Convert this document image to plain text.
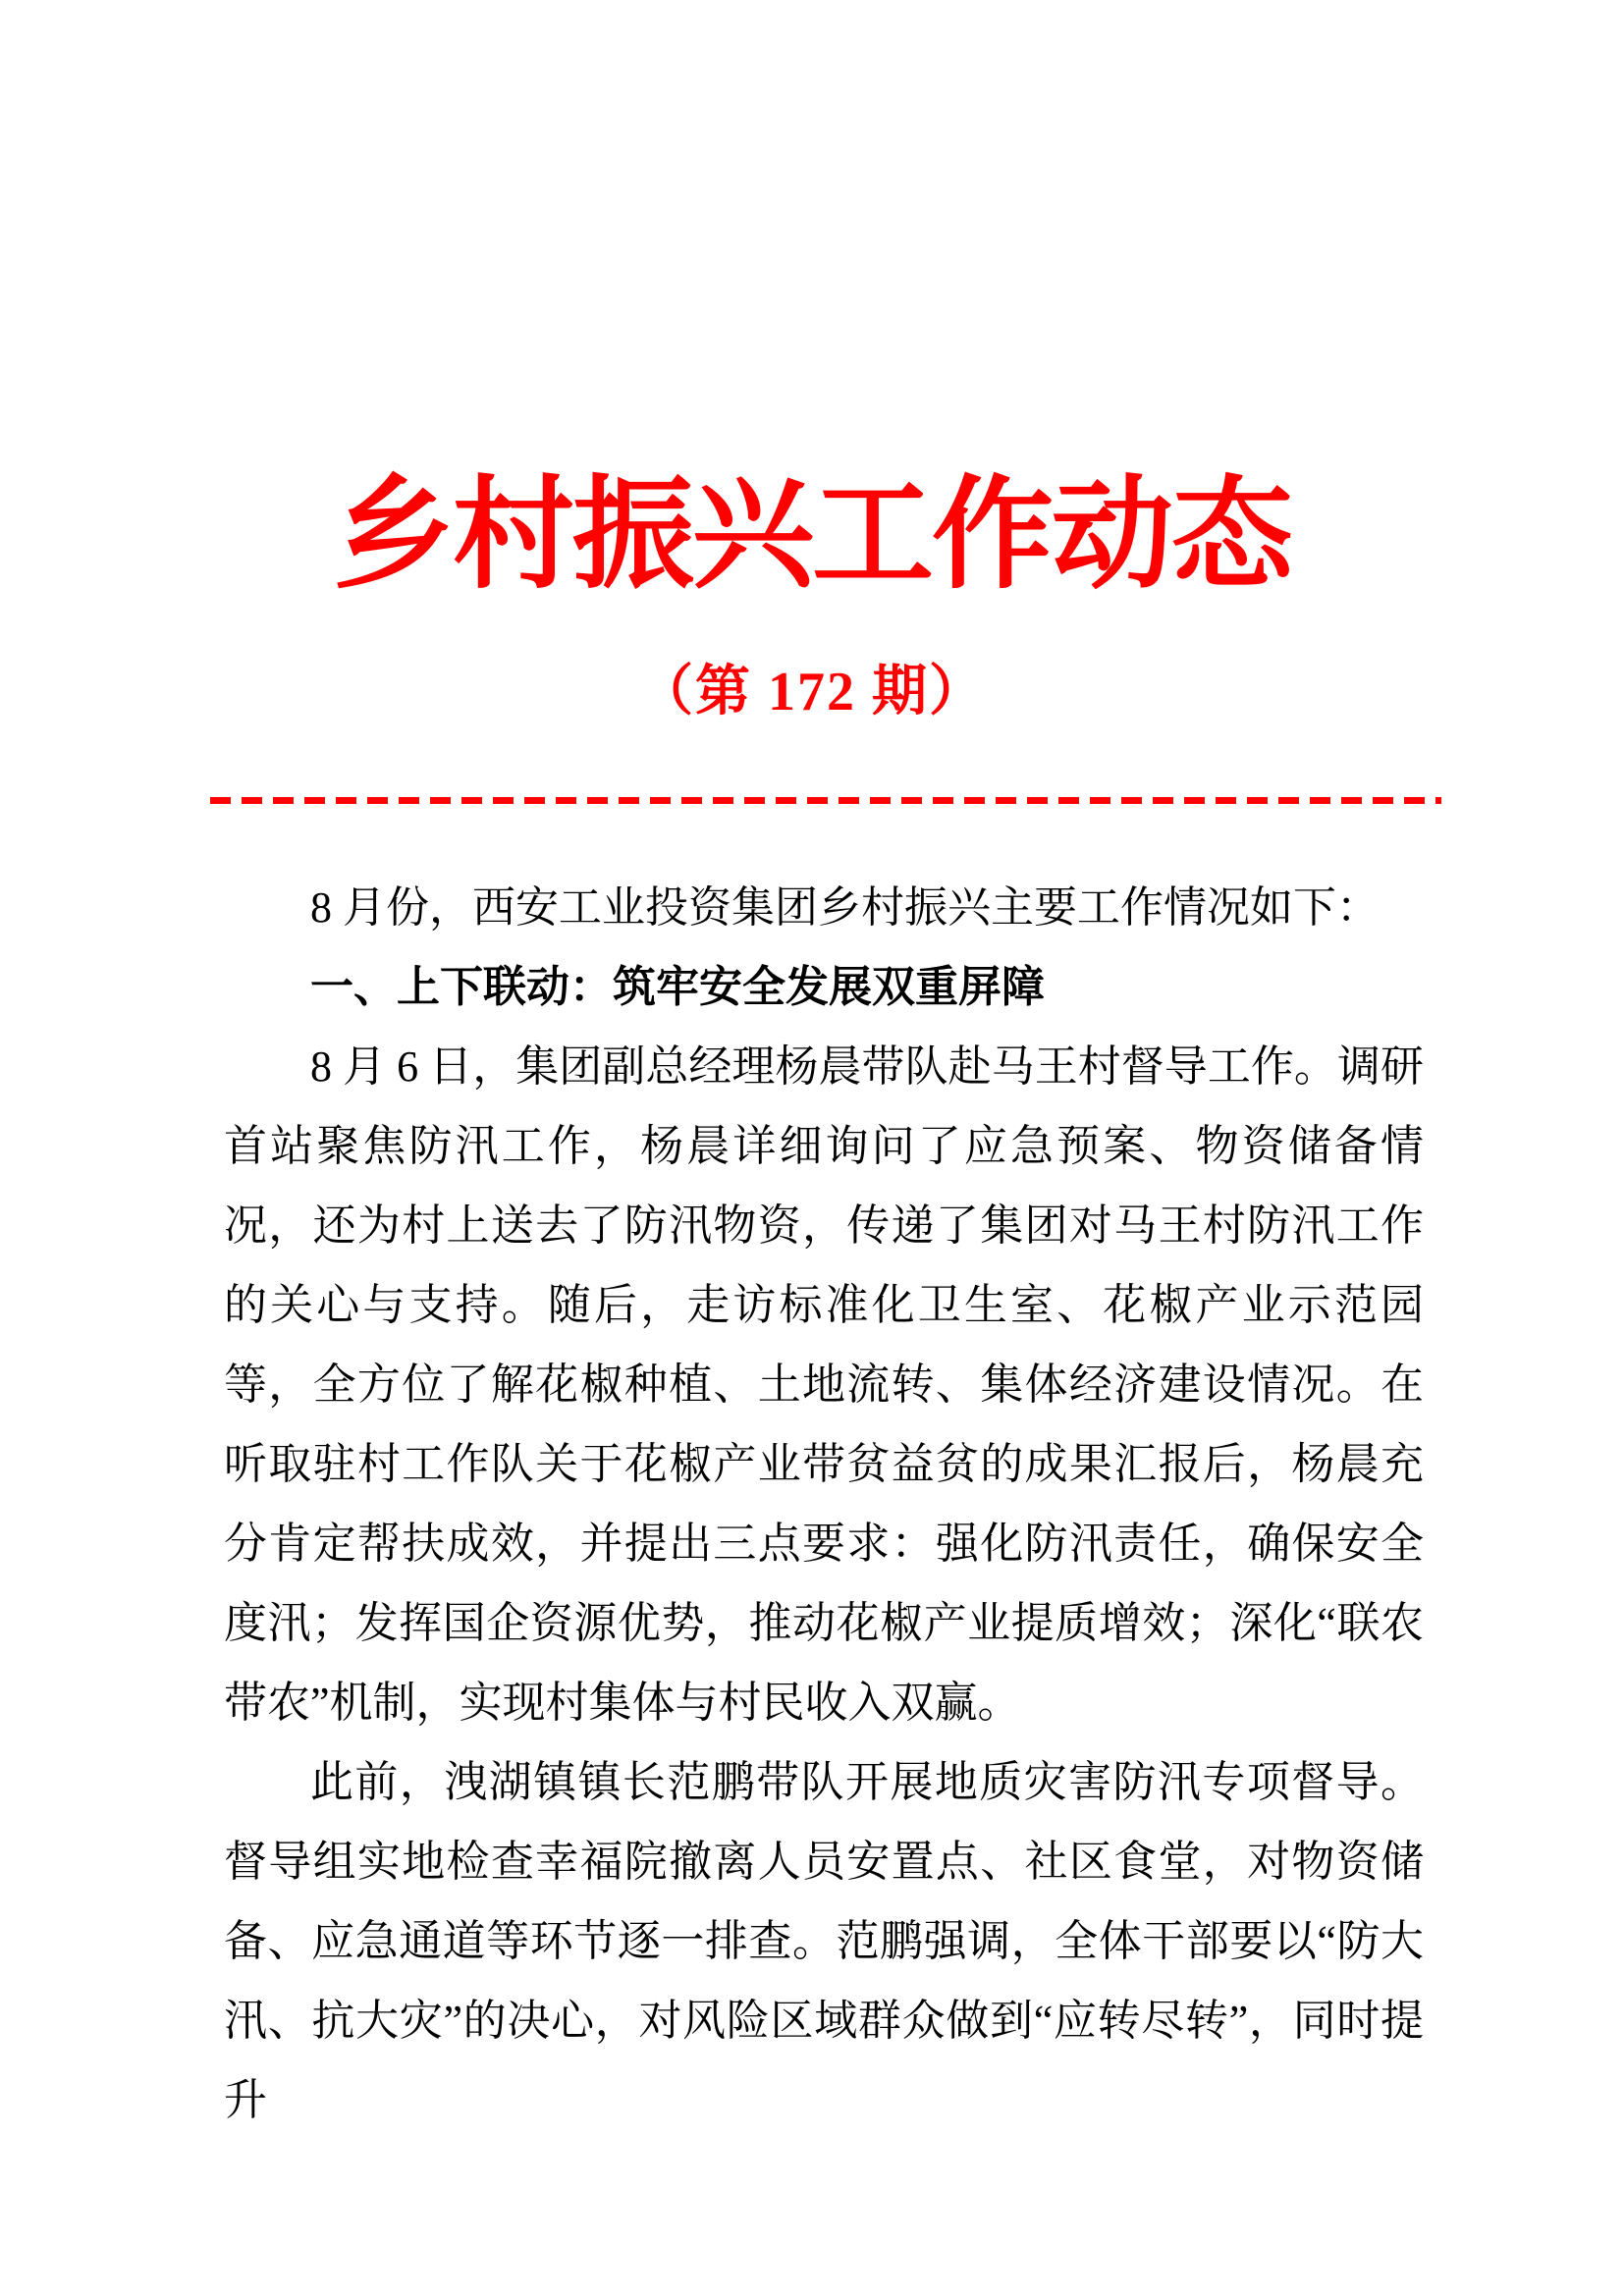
乡村振兴工作动态
（第 172 期）

8 月份，西安工业投资集团乡村振兴主要工作情况如下：

一、上下联动：筑牢安全发展双重屏障

8 月 6 日，集团副总经理杨晨带队赴马王村督导工作。调研首站聚焦防汛工作，杨晨详细询问了应急预案、物资储备情况，还为村上送去了防汛物资，传递了集团对马王村防汛工作的关心与支持。随后，走访标准化卫生室、花椒产业示范园等，全方位了解花椒种植、土地流转、集体经济建设情况。在听取驻村工作队关于花椒产业带贫益贫的成果汇报后，杨晨充分肯定帮扶成效，并提出三点要求：强化防汛责任，确保安全度汛；发挥国企资源优势，推动花椒产业提质增效；深化“联农带农”机制，实现村集体与村民收入双赢。

此前，洩湖镇镇长范鹏带队开展地质灾害防汛专项督导。督导组实地检查幸福院撤离人员安置点、社区食堂，对物资储备、应急通道等环节逐一排查。范鹏强调，全体干部要以“防大汛、抗大灾”的决心，对风险区域群众做到“应转尽转”，同时提升
